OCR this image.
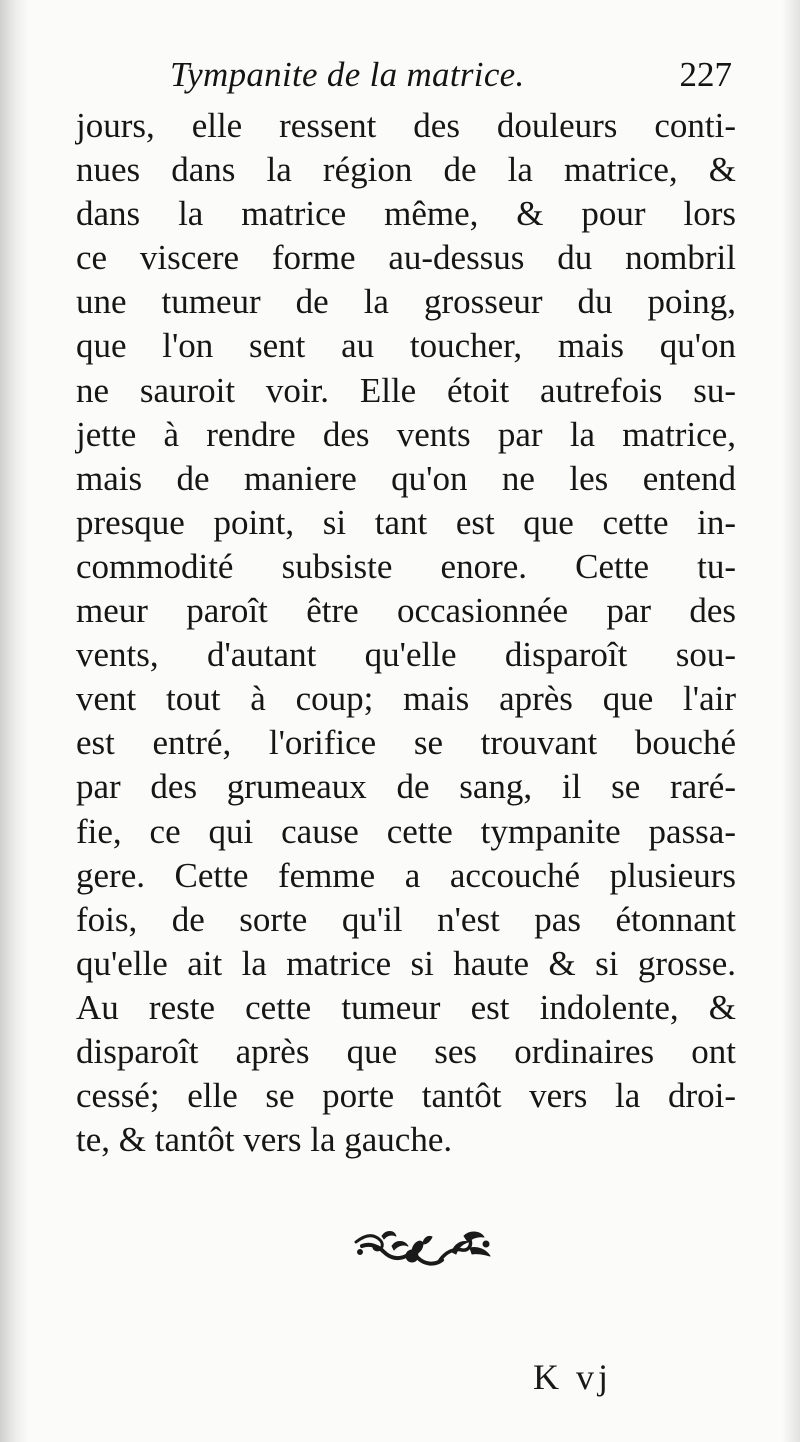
Tympanite de la matrice.	227
jours, elle ressent des douleurs conti-
nues dans la région de la matrice, &
dans la matrice même, & pour lors
ce viscere forme au-dessus du nombril
une tumeur de la grosseur du poing,
que l'on sent au toucher, mais qu'on
ne sauroit voir. Elle étoit autrefois su-
jette à rendre des vents par la matrice,
mais de maniere qu'on ne les entend
presque point, si tant est que cette in-
commodité subsiste enore. Cette tu-
meur paroît être occasionnée par des
vents, d'autant qu'elle disparoît sou-
vent tout à coup; mais après que l'air
est entré, l'orifice se trouvant bouché
par des grumeaux de sang, il se raré-
fie, ce qui cause cette tympanite passa-
gere. Cette femme a accouché plusieurs
fois, de sorte qu'il n'est pas étonnant
qu'elle ait la matrice si haute & si grosse.
Au reste cette tumeur est indolente, &
disparoît après que ses ordinaires ont
cessé; elle se porte tantôt vers la droi-
te, & tantôt vers la gauche.
K vj
